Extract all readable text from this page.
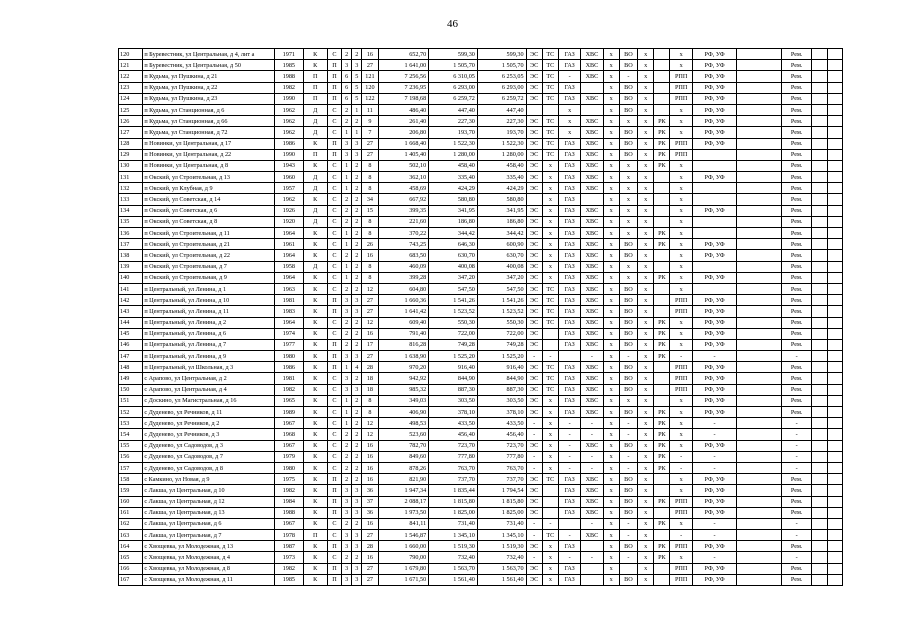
46
120	п Буревестник, ул Центральная, д 4, лит а	1971	К	С	2	2	16	652,70	599,30	599,30	ЭС	ТС	ГАЗ	ХВС	х	ВО	х		х	РФ, УФ		Рем.		
121	п Буревестник, ул Центральная, д 50	1985	К	П	3	3	27	1 641,00	1 505,70	1 505,70	ЭС	ТС	ГАЗ	ХВС	х	ВО	х		х	РФ, УФ		Рем.		
122	п Кудьма, ул Пушкина, д 21	1988	П	П	6	5	121	7 256,56	6 310,05	6 253,05	ЭС	ТС	-	ХВС	х	-	х		РПП	РФ, УФ		Рем.		
123	п Кудьма, ул Пушкина, д 22	1982	П	П	6	5	120	7 236,95	6 293,00	6 293,00	ЭС	ТС	ГАЗ		х	ВО	х		РПП	РФ, УФ		Рем.		
124	п Кудьма, ул Пушкина, д 23	1990	П	П	6	5	122	7 198,68	6 259,72	6 259,72	ЭС	ТС	ГАЗ	ХВС	х	ВО	х		РПП	РФ, УФ		Рем.		
125	п Кудьма, ул Станционная, д 6	1962	Д	С	2	1	11	486,40	447,40	447,40			х		х	ВО	х		х	РФ, УФ		Рем.		
126	п Кудьма, ул Станционная, д 66	1962	Д	С	2	2	9	261,40	227,30	227,30	ЭС	ТС	х	ХВС	х	х	х	РК	х	РФ, УФ		Рем.		
127	п Кудьма, ул Станционная, д 72	1962	Д	С	1	1	7	206,80	193,70	193,70	ЭС	ТС	х	ХВС	х	ВО	х	РК	х	РФ, УФ		Рем.		
128	п Новинки, ул Центральная, д 17	1986	К	П	3	3	27	1 668,40	1 522,30	1 522,30	ЭС	ТС	ГАЗ	ХВС	х	ВО	х	РК	РПП	РФ, УФ		Рем.		
129	п Новинки, ул Центральная, д 22	1990	П	П	3	3	27	1 405,40	1 280,00	1 280,00	ЭС	ТС	ГАЗ	ХВС	х	ВО	х	РК	РПП			Рем.		
130	п Новинки, ул Центральная, д 8	1943	К	С	1	2	8	502,10	458,40	458,40	ЭС	х	ГАЗ	ХВС	х	х	х	РК	х			Рем.		
131	п Окский, ул Строительная, д 13	1960	Д	С	1	2	8	362,10	335,40	335,40	ЭС	х	ГАЗ	ХВС	х	х	х		х	РФ, УФ		Рем.		
132	п Окский, ул Клубная, д 9	1957	Д	С	1	2	8	458,69	424,29	424,29	ЭС	х	ГАЗ	ХВС	х	х	х		х			Рем.		
133	п Окский, ул Советская, д 14	1962	К	С	2	2	34	667,92	580,80	580,80		х	ГАЗ		х	х	х		х			Рем.		
134	п Окский, ул Советская, д 6	1926	Д	С	2	2	15	399,35	341,95	341,95	ЭС	х	ГАЗ	ХВС	х	х	х		х	РФ, УФ		Рем.		
135	п Окский, ул Советская, д 8	1920	Д	С	2	2	8	221,60	186,80	186,80	ЭС	х	ГАЗ	ХВС	х	х	х		х			Рем.		
136	п Окский, ул Строительная, д 11	1964	К	С	1	2	8	370,22	344,42	344,42	ЭС	х	ГАЗ	ХВС	х	х	х	РК	х			Рем.		
137	п Окский, ул Строительная, д 21	1961	К	С	1	2	26	743,25	646,30	600,90	ЭС	х	ГАЗ	ХВС	х	ВО	х	РК	х	РФ, УФ		Рем.		
138	п Окский, ул Строительная, д 22	1964	К	С	2	2	16	683,50	630,70	630,70	ЭС	х	ГАЗ	ХВС	х	ВО	х		х	РФ, УФ		Рем.		
139	п Окский, ул Строительная, д 7	1958	Д	С	1	2	8	460,09	400,08	400,08	ЭС	х	ГАЗ	ХВС	х	х	х		х			Рем.		
140	п Окский, ул Строительная, д 9	1964	К	С	1	2	8	399,28	347,20	347,20	ЭС	х	ГАЗ	ХВС	х	х	х	РК	х	РФ, УФ		Рем.		
141	п Центральный, ул Ленина, д 1	1963	К	С	2	2	12	604,80	547,50	547,50	ЭС	ТС	ГАЗ	ХВС	х	ВО	х		х			Рем.		
142	п Центральный, ул Ленина, д 10	1981	К	П	3	3	27	1 660,36	1 541,26	1 541,26	ЭС	ТС	ГАЗ	ХВС	х	ВО	х		РПП	РФ, УФ		Рем.		
143	п Центральный, ул Ленина, д 11	1983	К	П	3	3	27	1 641,42	1 523,52	1 523,52	ЭС	ТС	ГАЗ	ХВС	х	ВО	х		РПП	РФ, УФ		Рем.		
144	п Центральный, ул Ленина, д 2	1964	К	С	2	2	12	609,40	550,30	550,30	ЭС	ТС	ГАЗ	ХВС	х	ВО	х	РК	х	РФ, УФ		Рем.		
145	п Центральный, ул Ленина, д 6	1974	К	С	2	2	16	791,40	722,00	722,00	ЭС		ГАЗ	ХВС	х	ВО	х	РК	х	РФ, УФ		Рем.		
146	п Центральный, ул Ленина, д 7	1977	К	П	2	2	17	816,28	749,28	749,28	ЭС		ГАЗ	ХВС	х	ВО	х	РК	х	РФ, УФ		Рем.		
147	п Центральный, ул Ленина, д 9	1980	К	П	3	3	27	1 638,90	1 525,20	1 525,20	-	-		-	х	-	х	РК	-	-		-		
148	п Центральный, ул Школьная, д 3	1986	К	П	1	4	28	970,20	916,40	916,40	ЭС	ТС	ГАЗ	ХВС	х	ВО	х		РПП	РФ, УФ		Рем.		
149	с Арапово, ул Центральная, д 2	1981	К	С	3	2	18	942,92	844,90	844,90	ЭС	ТС	ГАЗ	ХВС	х	ВО	х		РПП	РФ, УФ		Рем.		
150	с Арапово, ул Центральная, д 4	1982	К	С	3	3	18	985,32	887,30	887,30	ЭС	ТС	ГАЗ	ХВС	х	ВО	х		РПП	РФ, УФ		Рем.		
151	с Доскино, ул Магистральная, д 16	1965	К	С	1	2	8	349,03	303,50	303,50	ЭС	х	ГАЗ	ХВС	х	х	х		х	РФ, УФ		Рем.		
152	с Дуденево, ул Речников, д 11	1989	К	С	1	2	8	406,90	378,10	378,10	ЭС	х	ГАЗ	ХВС	х	ВО	х	РК	х	РФ, УФ		Рем.		
153	с Дуденево, ул Речников, д 2	1967	К	С	1	2	12	498,53	433,50	433,50	-	х	-	-	х	-	х	РК	х	-		-		
154	с Дуденево, ул Речников, д 3	1968	К	С	2	2	12	523,60	456,40	456,40	-	х	-	-	х	-	х	РК	х	-		-		
155	с Дуденево, ул Садоводов, д 3	1967	К	С	2	2	16	782,70	723,70	723,70	ЭС	х	-	ХВС	х	ВО	х	РК	х	РФ, УФ		-		
156	с Дуденево, ул Садоводов, д 7	1979	К	С	2	2	16	849,60	777,80	777,80	-	х	-	-	х	-	х	РК	-	-		-		
157	с Дуденево, ул Садоводов, д 8	1980	К	С	2	2	16	878,26	763,70	763,70	-	х	-	-	х	-	х	РК	-	-		-		
158	с Камкино, ул Новая, д 9	1975	К	П	2	2	16	821,90	737,70	737,70	ЭС	ТС	ГАЗ	ХВС	х	ВО	х		х	РФ, УФ		Рем.		
159	с Лакша, ул Центральная, д 10	1982	К	П	3	3	36	1 947,34	1 835,44	1 794,54	ЭС		ГАЗ	ХВС	х	ВО	х		х	РФ, УФ		Рем.		
160	с Лакша, ул Центральная, д 12	1984	К	П	3	3	37	2 088,17	1 815,80	1 815,80	ЭС		ГАЗ	ХВС	х	ВО	х	РК	РПП	РФ, УФ		Рем.		
161	с Лакша, ул Центральная, д 13	1988	К	П	3	3	36	1 973,50	1 825,00	1 825,00	ЭС		ГАЗ	ХВС	х	ВО	х		РПП	РФ, УФ		Рем.		
162	с Лакша, ул Центральная, д 6	1967	К	С	2	2	16	841,11	731,40	731,40	-	-		-	х	-	х	РК	х	-		-		
163	с Лакша, ул Центральная, д 7	1978	П	С	3	3	27	1 546,87	1 345,10	1 345,10	-	ТС	-	ХВС	х	-	х		-	-		-		
164	с Хвощевка, ул Молодежная, д 13	1987	К	П	3	3	28	1 660,00	1 519,30	1 519,30	ЭС	х	ГАЗ		х	ВО	х	РК	РПП	РФ, УФ		Рем.		
165	с Хвощевка, ул Молодежная, д 4	1973	К	С	2	2	16	790,00	732,40	732,40	-	х	-	-	х	-	х	РК	х	-		-		
166	с Хвощевка, ул Молодежная, д 8	1982	К	П	3	3	27	1 679,80	1 563,70	1 563,70	ЭС	х	ГАЗ		х		х		РПП	РФ, УФ		Рем.		
167	с Хвощевка, ул Молодежная, д 11	1985	К	П	3	3	27	1 671,50	1 561,40	1 561,40	ЭС	х	ГАЗ		х	ВО	х		РПП	РФ, УФ		Рем.		
